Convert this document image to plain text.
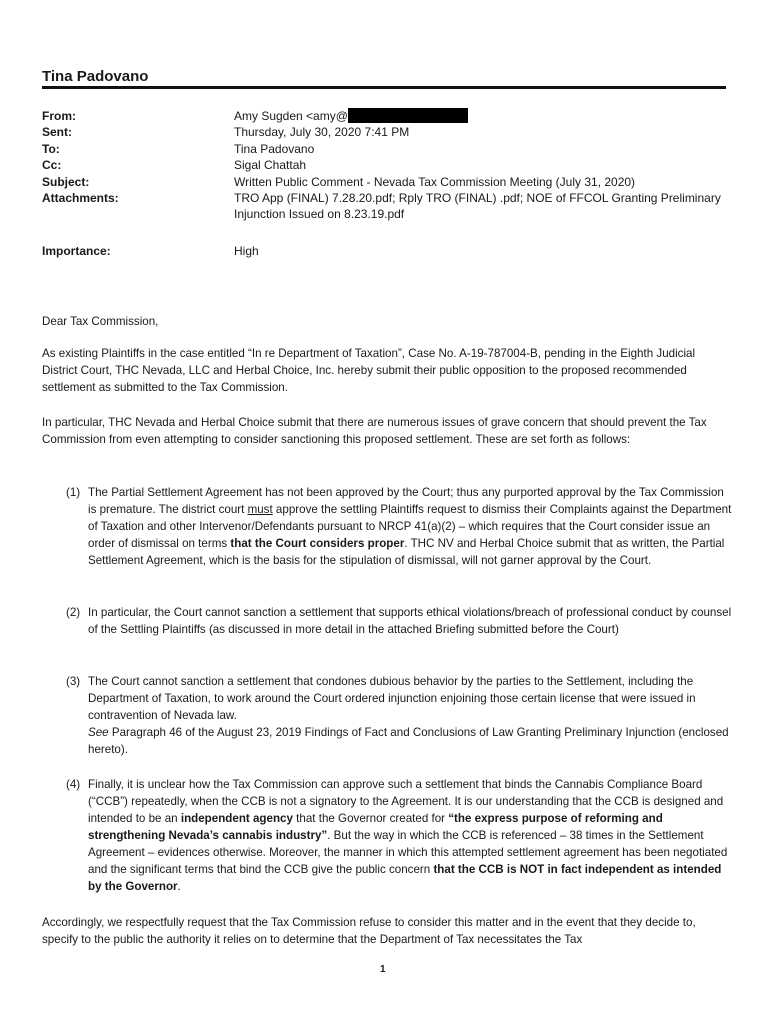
Tina Padovano
From:	Amy Sugden <amy@
Sent:	Thursday, July 30, 2020 7:41 PM
To:	Tina Padovano
Cc:	Sigal Chattah
Subject:	Written Public Comment - Nevada Tax Commission Meeting (July 31, 2020)
Attachments:	TRO App (FINAL) 7.28.20.pdf; Rply TRO (FINAL) .pdf; NOE of FFCOL Granting Preliminary
Injunction Issued on 8.23.19.pdf
Importance:	High
Dear Tax Commission,
As existing Plaintiffs in the case entitled “In re Department of Taxation”, Case No. A-19-787004-B, pending in the Eighth Judicial District Court, THC Nevada, LLC and Herbal Choice, Inc. hereby submit their public opposition to the proposed recommended settlement as submitted to the Tax Commission.
In particular, THC Nevada and Herbal Choice submit that there are numerous issues of grave concern that should prevent the Tax Commission from even attempting to consider sanctioning this proposed settlement. These are set forth as follows:
(1) The Partial Settlement Agreement has not been approved by the Court; thus any purported approval by the Tax Commission is premature. The district court must approve the settling Plaintiffs request to dismiss their Complaints against the Department of Taxation and other Intervenor/Defendants pursuant to NRCP 41(a)(2) – which requires that the Court consider issue an order of dismissal on terms that the Court considers proper. THC NV and Herbal Choice submit that as written, the Partial Settlement Agreement, which is the basis for the stipulation of dismissal, will not garner approval by the Court.
(2) In particular, the Court cannot sanction a settlement that supports ethical violations/breach of professional conduct by counsel of the Settling Plaintiffs (as discussed in more detail in the attached Briefing submitted before the Court)
(3) The Court cannot sanction a settlement that condones dubious behavior by the parties to the Settlement, including the Department of Taxation, to work around the Court ordered injunction enjoining those certain license that were issued in contravention of Nevada law.
See Paragraph 46 of the August 23, 2019 Findings of Fact and Conclusions of Law Granting Preliminary Injunction (enclosed hereto).
(4) Finally, it is unclear how the Tax Commission can approve such a settlement that binds the Cannabis Compliance Board (“CCB”) repeatedly, when the CCB is not a signatory to the Agreement. It is our understanding that the CCB is designed and intended to be an independent agency that the Governor created for “the express purpose of reforming and strengthening Nevada’s cannabis industry”. But the way in which the CCB is referenced – 38 times in the Settlement Agreement – evidences otherwise. Moreover, the manner in which this attempted settlement agreement has been negotiated and the significant terms that bind the CCB give the public concern that the CCB is NOT in fact independent as intended by the Governor.
Accordingly, we respectfully request that the Tax Commission refuse to consider this matter and in the event that they decide to, specify to the public the authority it relies on to determine that the Department of Tax necessitates the Tax
1
